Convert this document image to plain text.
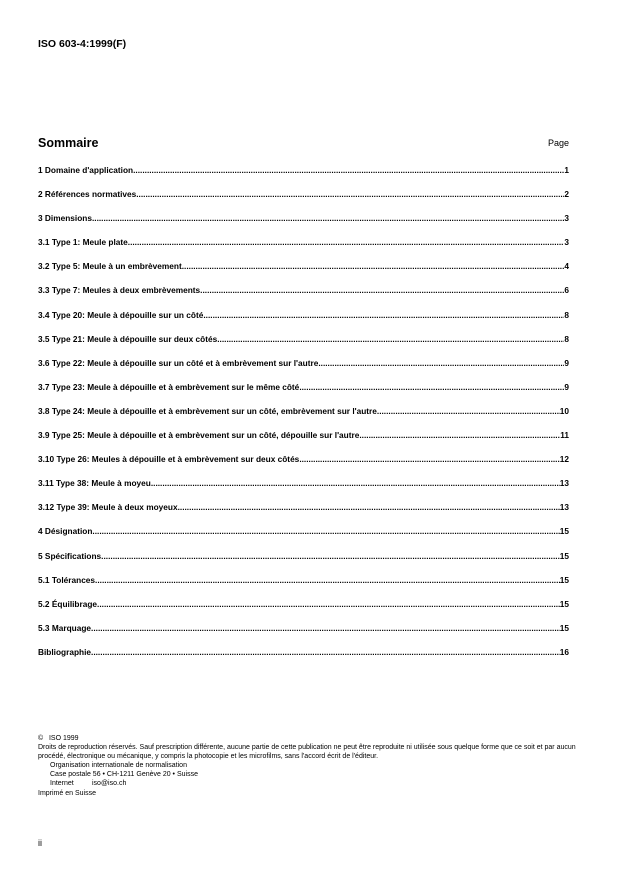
ISO 603-4:1999(F)
Sommaire	Page
1 Domaine d'application .....	1
2 Références normatives .....	2
3 Dimensions .....	3
3.1 Type 1: Meule plate .....	3
3.2 Type 5: Meule à un embrèvement .....	4
3.3 Type 7: Meules à deux embrèvements .....	6
3.4 Type 20: Meule à dépouille sur un côté .....	8
3.5 Type 21: Meule à dépouille sur deux côtés .....	8
3.6 Type 22: Meule à dépouille sur un côté et à embrèvement sur l'autre .....	9
3.7 Type 23: Meule à dépouille et à embrèvement sur le même côté .....	9
3.8 Type 24: Meule à dépouille et à embrèvement sur un côté, embrèvement sur l'autre .....	10
3.9 Type 25: Meule à dépouille et à embrèvement sur un côté, dépouille sur l'autre .....	11
3.10 Type 26: Meules à dépouille et à embrèvement sur deux côtés .....	12
3.11 Type 38: Meule à moyeu .....	13
3.12 Type 39: Meule à deux moyeux .....	13
4 Désignation .....	15
5 Spécifications .....	15
5.1 Tolérances .....	15
5.2 Équilibrage .....	15
5.3 Marquage .....	15
Bibliographie .....	16
©   ISO 1999
Droits de reproduction réservés. Sauf prescription différente, aucune partie de cette publication ne peut être reproduite ni utilisée sous quelque forme que ce soit et par aucun procédé, électronique ou mécanique, y compris la photocopie et les microfilms, sans l'accord écrit de l'éditeur.
Organisation internationale de normalisation
Case postale 56 • CH-1211 Genève 20 • Suisse
Internet	iso@iso.ch
Imprimé en Suisse
ii
